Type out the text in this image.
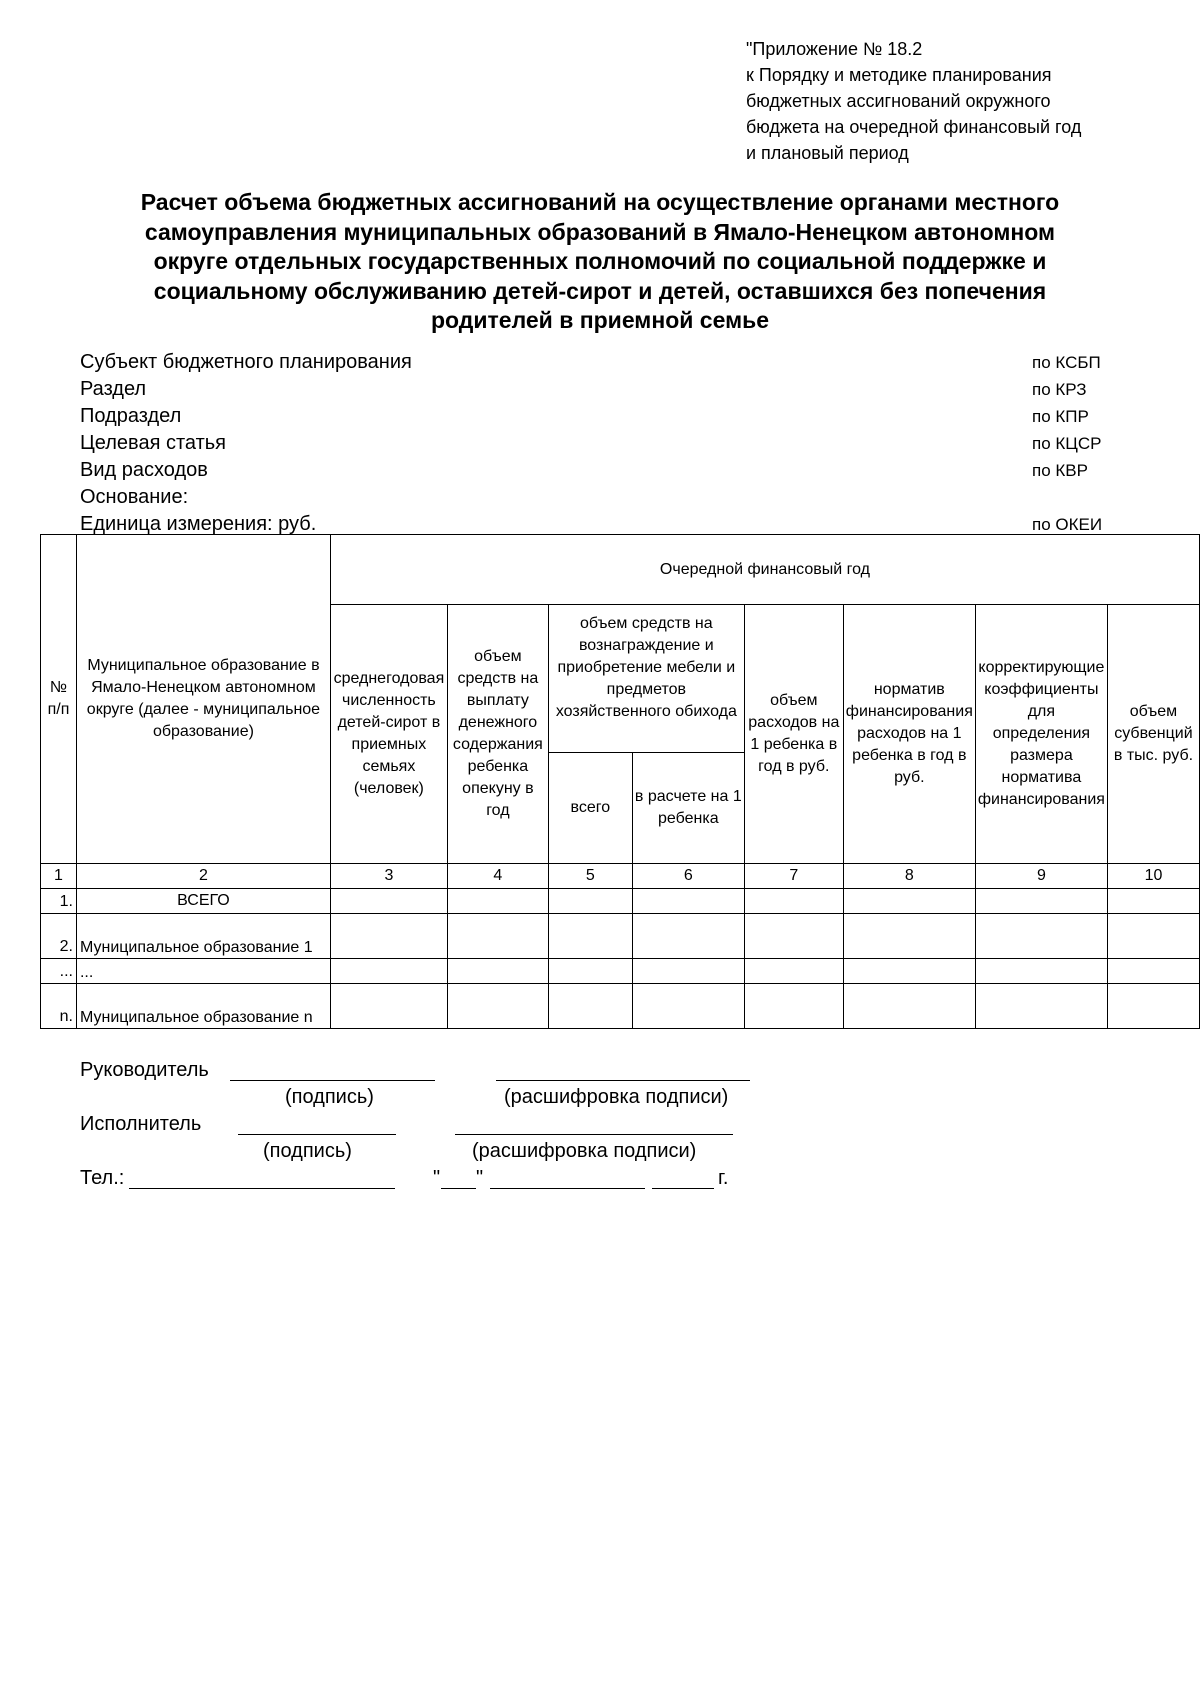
"Приложение № 18.2
к Порядку и методике планирования
бюджетных ассигнований окружного
бюджета на очередной финансовый год
и плановый период
Расчет объема бюджетных ассигнований на осуществление органами местного
самоуправления муниципальных образований в Ямало-Ненецком автономном
округе отдельных государственных полномочий по социальной поддержке и
социальному обслуживанию детей-сирот и детей, оставшихся без попечения
родителей в приемной семье
Субъект бюджетного планирования	по КСБП
Раздел	по КРЗ
Подраздел	по КПР
Целевая статья	по КЦСР
Вид расходов	по КВР
Основание:
Единица измерения: руб.	по ОКЕИ
№ п/п	Муниципальное образование в Ямало-Ненецком автономном округе (далее - муниципальное образование)	Очередной финансовый год							
		среднегодовая численность детей-сирот в приемных семьях (человек)	объем средств на выплату денежного содержания ребенка опекуну в год	объем средств на вознаграждение и приобретение мебели и предметов хозяйственного обихода		объем расходов на 1 ребенка в год в руб.	норматив финансирования расходов на 1 ребенка в год в руб.	корректирующие коэффициенты для определения размера норматива финансирования	объем субвенций в тыс. руб.
				всего	в расчете на 1 ребенка				
1	2	3	4	5	6	7	8	9	10
1.	ВСЕГО								
2.	Муниципальное образование 1								
...	...								
n.	Муниципальное образование n								
Руководитель
(подпись)	(расшифровка подписи)
Исполнитель
(подпись)	(расшифровка подписи)
Тел.:	" "	г.
